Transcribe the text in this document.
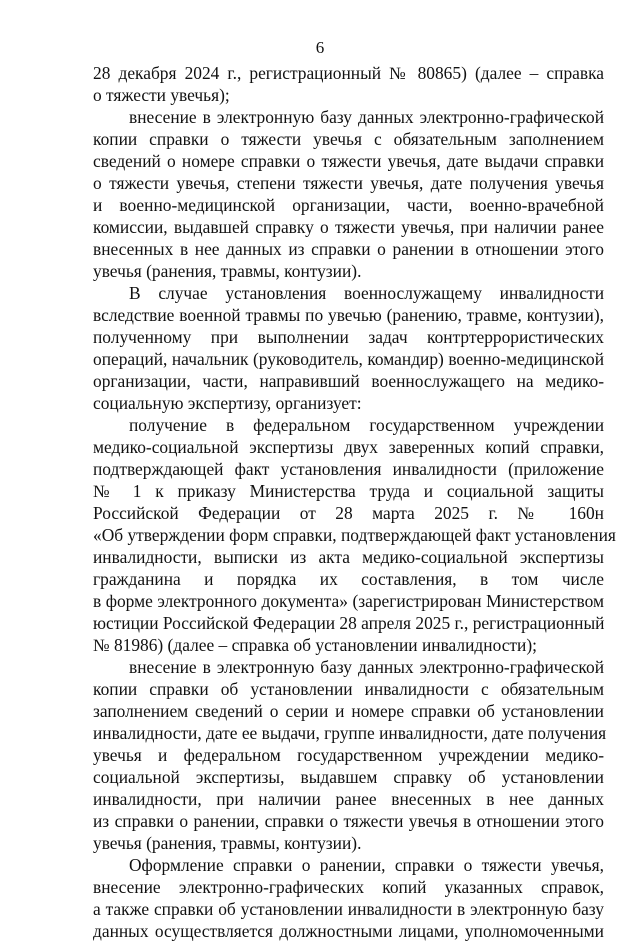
6
28 декабря 2024 г., регистрационный № 80865) (далее – справка
о тяжести увечья);
внесение в электронную базу данных электронно-графической
копии справки о тяжести увечья с обязательным заполнением
сведений о номере справки о тяжести увечья, дате выдачи справки
о тяжести увечья, степени тяжести увечья, дате получения увечья
и военно-медицинской организации, части, военно-врачебной
комиссии, выдавшей справку о тяжести увечья, при наличии ранее
внесенных в нее данных из справки о ранении в отношении этого
увечья (ранения, травмы, контузии).
В случае установления военнослужащему инвалидности
вследствие военной травмы по увечью (ранению, травме, контузии),
полученному при выполнении задач контртеррористических
операций, начальник (руководитель, командир) военно-медицинской
организации, части, направивший военнослужащего на медико-
социальную экспертизу, организует:
получение в федеральном государственном учреждении
медико-социальной экспертизы двух заверенных копий справки,
подтверждающей факт установления инвалидности (приложение
№ 1 к приказу Министерства труда и социальной защиты
Российской Федерации от 28 марта 2025 г. № 160н
«Об утверждении форм справки, подтверждающей факт установления
инвалидности, выписки из акта медико-социальной экспертизы
гражданина и порядка их составления, в том числе
в форме электронного документа» (зарегистрирован Министерством
юстиции Российской Федерации 28 апреля 2025 г., регистрационный
№ 81986) (далее – справка об установлении инвалидности);
внесение в электронную базу данных электронно-графической
копии справки об установлении инвалидности с обязательным
заполнением сведений о серии и номере справки об установлении
инвалидности, дате ее выдачи, группе инвалидности, дате получения
увечья и федеральном государственном учреждении медико-
социальной экспертизы, выдавшем справку об установлении
инвалидности, при наличии ранее внесенных в нее данных
из справки о ранении, справки о тяжести увечья в отношении этого
увечья (ранения, травмы, контузии).
Оформление справки о ранении, справки о тяжести увечья,
внесение электронно-графических копий указанных справок,
а также справки об установлении инвалидности в электронную базу
данных осуществляется должностными лицами, уполномоченными
